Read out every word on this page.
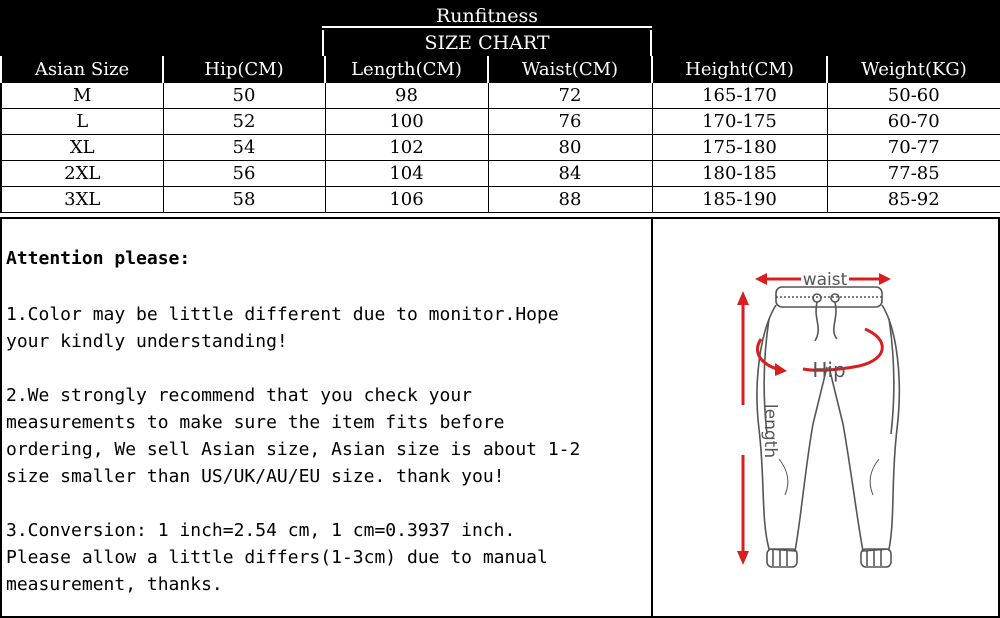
Runfitness
SIZE CHART
Asian Size	Hip(CM)	Length(CM)	Waist(CM)	Height(CM)	Weight(KG)
M	50	98	72	165-170	50-60
L	52	100	76	170-175	60-70
XL	54	102	80	175-180	70-77
2XL	56	104	84	180-185	77-85
3XL	58	106	88	185-190	85-92

Attention please:

1.Color may be little different due to monitor.Hope
your kindly understanding!

2.We strongly recommend that you check your
measurements to make sure the item fits before
ordering, We sell Asian size, Asian size is about 1-2
size smaller than US/UK/AU/EU size. thank you!

3.Conversion: 1 inch=2.54 cm, 1 cm=0.3937 inch.
Please allow a little differs(1-3cm) due to manual
measurement, thanks.

waist
Hip
length
